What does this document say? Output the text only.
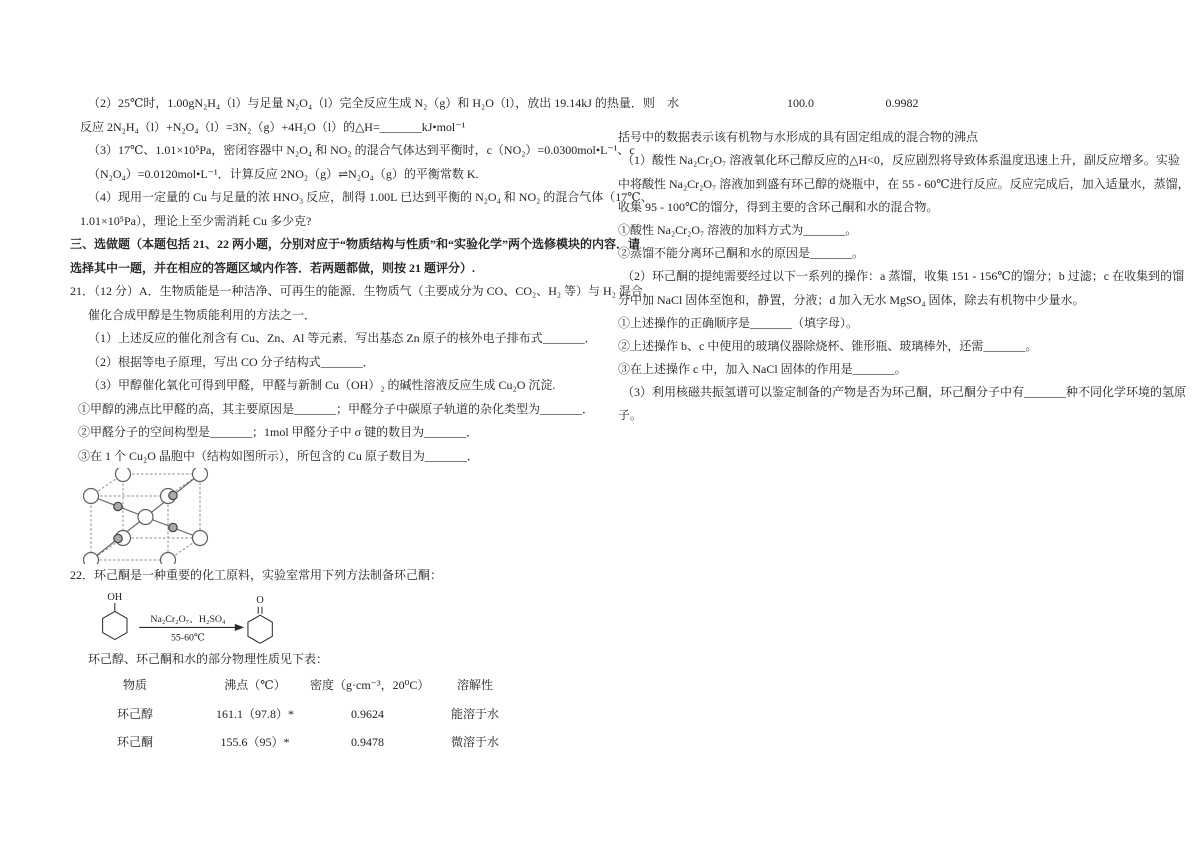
（2）25℃时，1.00gN₂H₄（l）与足量 N₂O₄（l）完全反应生成 N₂（g）和 H₂O（l），放出 19.14kJ 的热量．则
反应 2N₂H₄（l）+N₂O₄（l）=3N₂（g）+4H₂O（l）的△H=_______kJ•mol⁻¹
（3）17℃、1.01×10⁵Pa，密闭容器中 N₂O₄ 和 NO₂ 的混合气体达到平衡时，c（NO₂）=0.0300mol•L⁻¹、c
（N₂O₄）=0.0120mol•L⁻¹．计算反应 2NO₂（g）⇌N₂O₄（g）的平衡常数 K.
（4）现用一定量的 Cu 与足量的浓 HNO₃ 反应，制得 1.00L 已达到平衡的 N₂O₄ 和 NO₂ 的混合气体（17℃、
1.01×10⁵Pa），理论上至少需消耗 Cu 多少克?
三、选做题（本题包括 21、22 两小题，分别对应于“物质结构与性质”和“实验化学”两个选修模块的内容．请
选择其中一题，并在相应的答题区域内作答．若两题都做，则按 21 题评分）.
21．（12 分）A．生物质能是一种洁净、可再生的能源．生物质气（主要成分为 CO、CO₂、H₂ 等）与 H₂ 混合，
催化合成甲醇是生物质能利用的方法之一．
（1）上述反应的催化剂含有 Cu、Zn、Al 等元素．写出基态 Zn 原子的核外电子排布式_______．
（2）根据等电子原理，写出 CO 分子结构式_______．
（3）甲醇催化氧化可得到甲醛，甲醛与新制 Cu（OH）₂ 的碱性溶液反应生成 Cu₂O 沉淀.
①甲醇的沸点比甲醛的高，其主要原因是_______；甲醛分子中碳原子轨道的杂化类型为_______．
②甲醛分子的空间构型是_______；1mol 甲醛分子中 σ 键的数目为_______．
③在 1 个 Cu₂O 晶胞中（结构如图所示），所包含的 Cu 原子数目为_______．
22．环己酮是一种重要的化工原料，实验室常用下列方法制备环己酮：
OH
Na₂Cr₂O₇、H₂SO₄
55-60℃
O
环己醇、环己酮和水的部分物理性质见下表：
物质	沸点（℃）	密度（g·cm⁻³，20⁰C）	溶解性
环己醇	161.1（97.8）*	0.9624	能溶于水
环己酮	155.6（95）*	0.9478	微溶于水
水	100.0	0.9982
括号中的数据表示该有机物与水形成的具有固定组成的混合物的沸点
（1）酸性 Na₂Cr₂O₇ 溶液氧化环己醇反应的△H<0，反应剧烈将导致体系温度迅速上升，副反应增多。实验
中将酸性 Na₂Cr₂O₇ 溶液加到盛有环己醇的烧瓶中，在 55 - 60℃进行反应。反应完成后，加入适量水，蒸馏，
收集 95 - 100℃的馏分，得到主要的含环己酮和水的混合物。
①酸性 Na₂Cr₂O₇ 溶液的加料方式为_______。
②蒸馏不能分离环己酮和水的原因是_______。
（2）环己酮的提纯需要经过以下一系列的操作：a 蒸馏，收集 151 - 156℃的馏分；b 过滤；c 在收集到的馏
分中加 NaCl 固体至饱和，静置，分液；d 加入无水 MgSO₄ 固体，除去有机物中少量水。
①上述操作的正确顺序是_______（填字母）。
②上述操作 b、c 中使用的玻璃仪器除烧杯、锥形瓶、玻璃棒外，还需_______。
③在上述操作 c 中，加入 NaCl 固体的作用是_______。
（3）利用核磁共振氢谱可以鉴定制备的产物是否为环己酮，环己酮分子中有_______种不同化学环境的氢原
子。
